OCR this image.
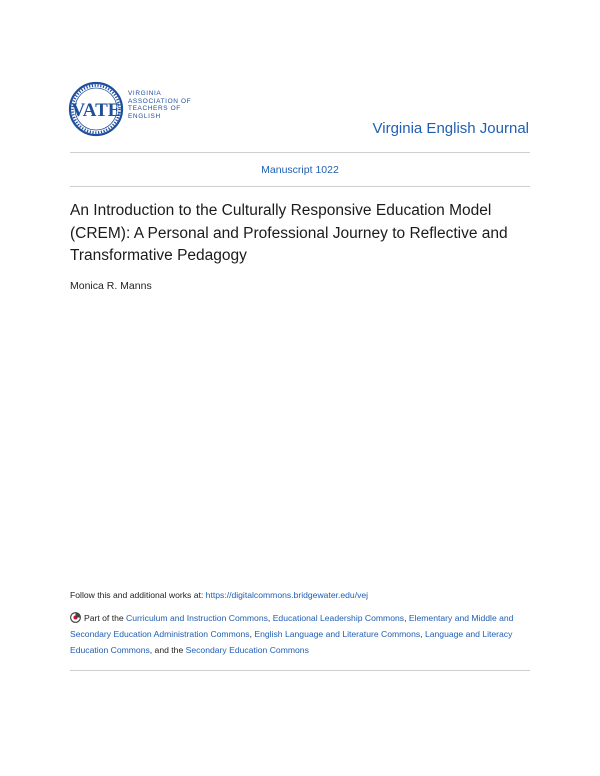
VATE
VIRGINIA
ASSOCIATION OF
TEACHERS OF
ENGLISH
Virginia English Journal
Manuscript 1022
An Introduction to the Culturally Responsive Education Model (CREM): A Personal and Professional Journey to Reflective and Transformative Pedagogy
Monica R. Manns
Follow this and additional works at: https://digitalcommons.bridgewater.edu/vej
Part of the Curriculum and Instruction Commons, Educational Leadership Commons, Elementary and Middle and Secondary Education Administration Commons, English Language and Literature Commons, Language and Literacy Education Commons, and the Secondary Education Commons
